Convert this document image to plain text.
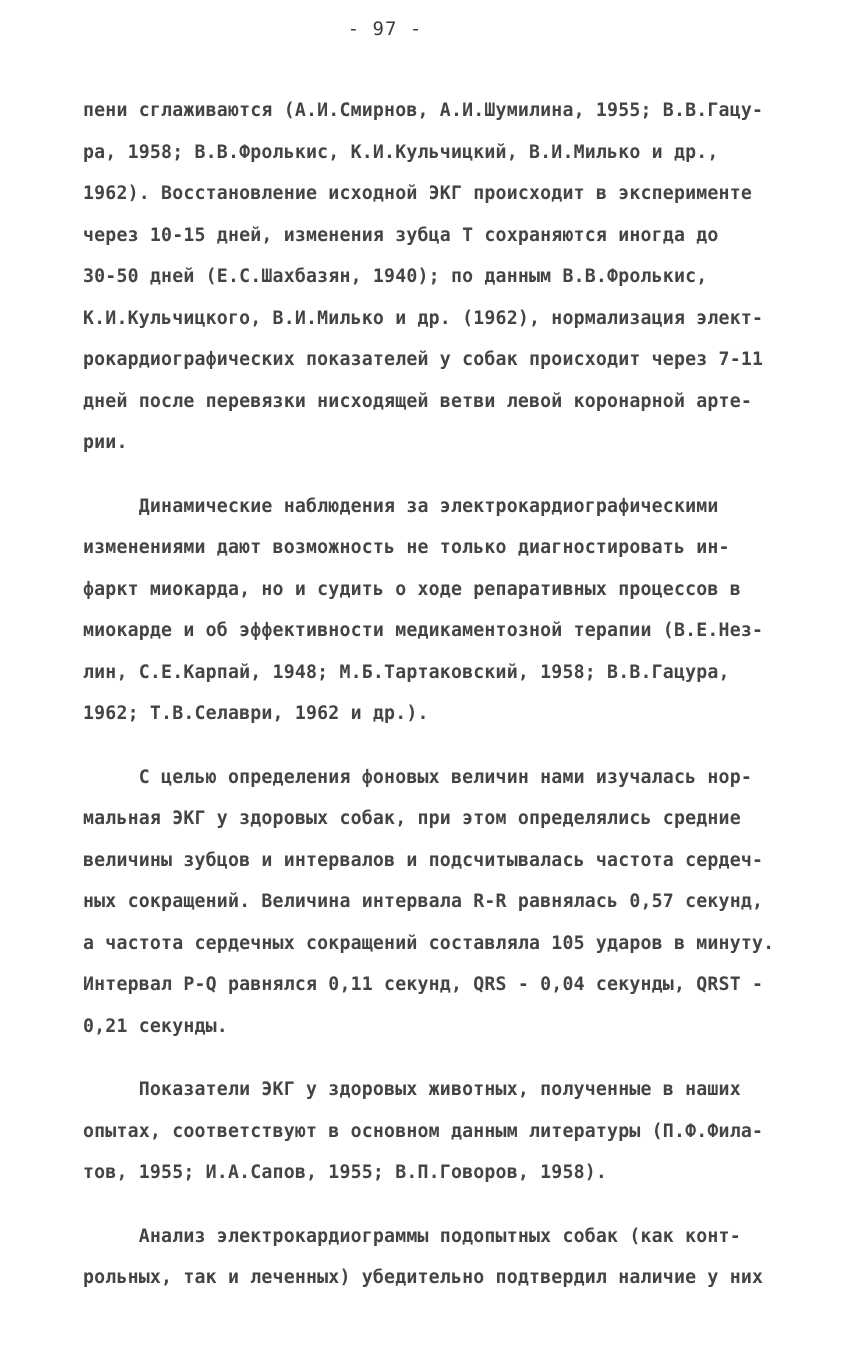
- 97 -
пени сглаживаются (А.И.Смирнов, А.И.Шумилина, 1955; В.В.Гацу-
ра, 1958; В.В.Фролькис, К.И.Кульчицкий, В.И.Милько и др.,
1962). Восстановление исходной ЭКГ происходит в эксперименте
через 10-15 дней, изменения зубца Т сохраняются иногда до
30-50 дней (Е.С.Шахбазян, 1940); по данным В.В.Фролькис,
К.И.Кульчицкого, В.И.Милько и др. (1962), нормализация элект-
рокардиографических показателей у собак происходит через 7-11
дней после перевязки нисходящей ветви левой коронарной арте-
рии.
Динамические наблюдения за электрокардиографическими
изменениями дают возможность не только диагностировать ин-
фаркт миокарда, но и судить о ходе репаративных процессов в
миокарде и об эффективности медикаментозной терапии (В.Е.Нез-
лин, С.Е.Карпай, 1948; М.Б.Тартаковский, 1958; В.В.Гацура,
1962; Т.В.Селаври, 1962 и др.).
С целью определения фоновых величин нами изучалась нор-
мальная ЭКГ у здоровых собак, при этом определялись средние
величины зубцов и интервалов и подсчитывалась частота сердеч-
ных сокращений. Величина интервала R-R равнялась 0,57 секунд,
а частота сердечных сокращений составляла 105 ударов в минуту.
Интервал P-Q равнялся 0,11 секунд, QRS - 0,04 секунды, QRST -
0,21 секунды.
Показатели ЭКГ у здоровых животных, полученные в наших
опытах, соответствуют в основном данным литературы (П.Ф.Фила-
тов, 1955; И.А.Сапов, 1955; В.П.Говоров, 1958).
Анализ электрокардиограммы подопытных собак (как конт-
рольных, так и леченных) убедительно подтвердил наличие у них
